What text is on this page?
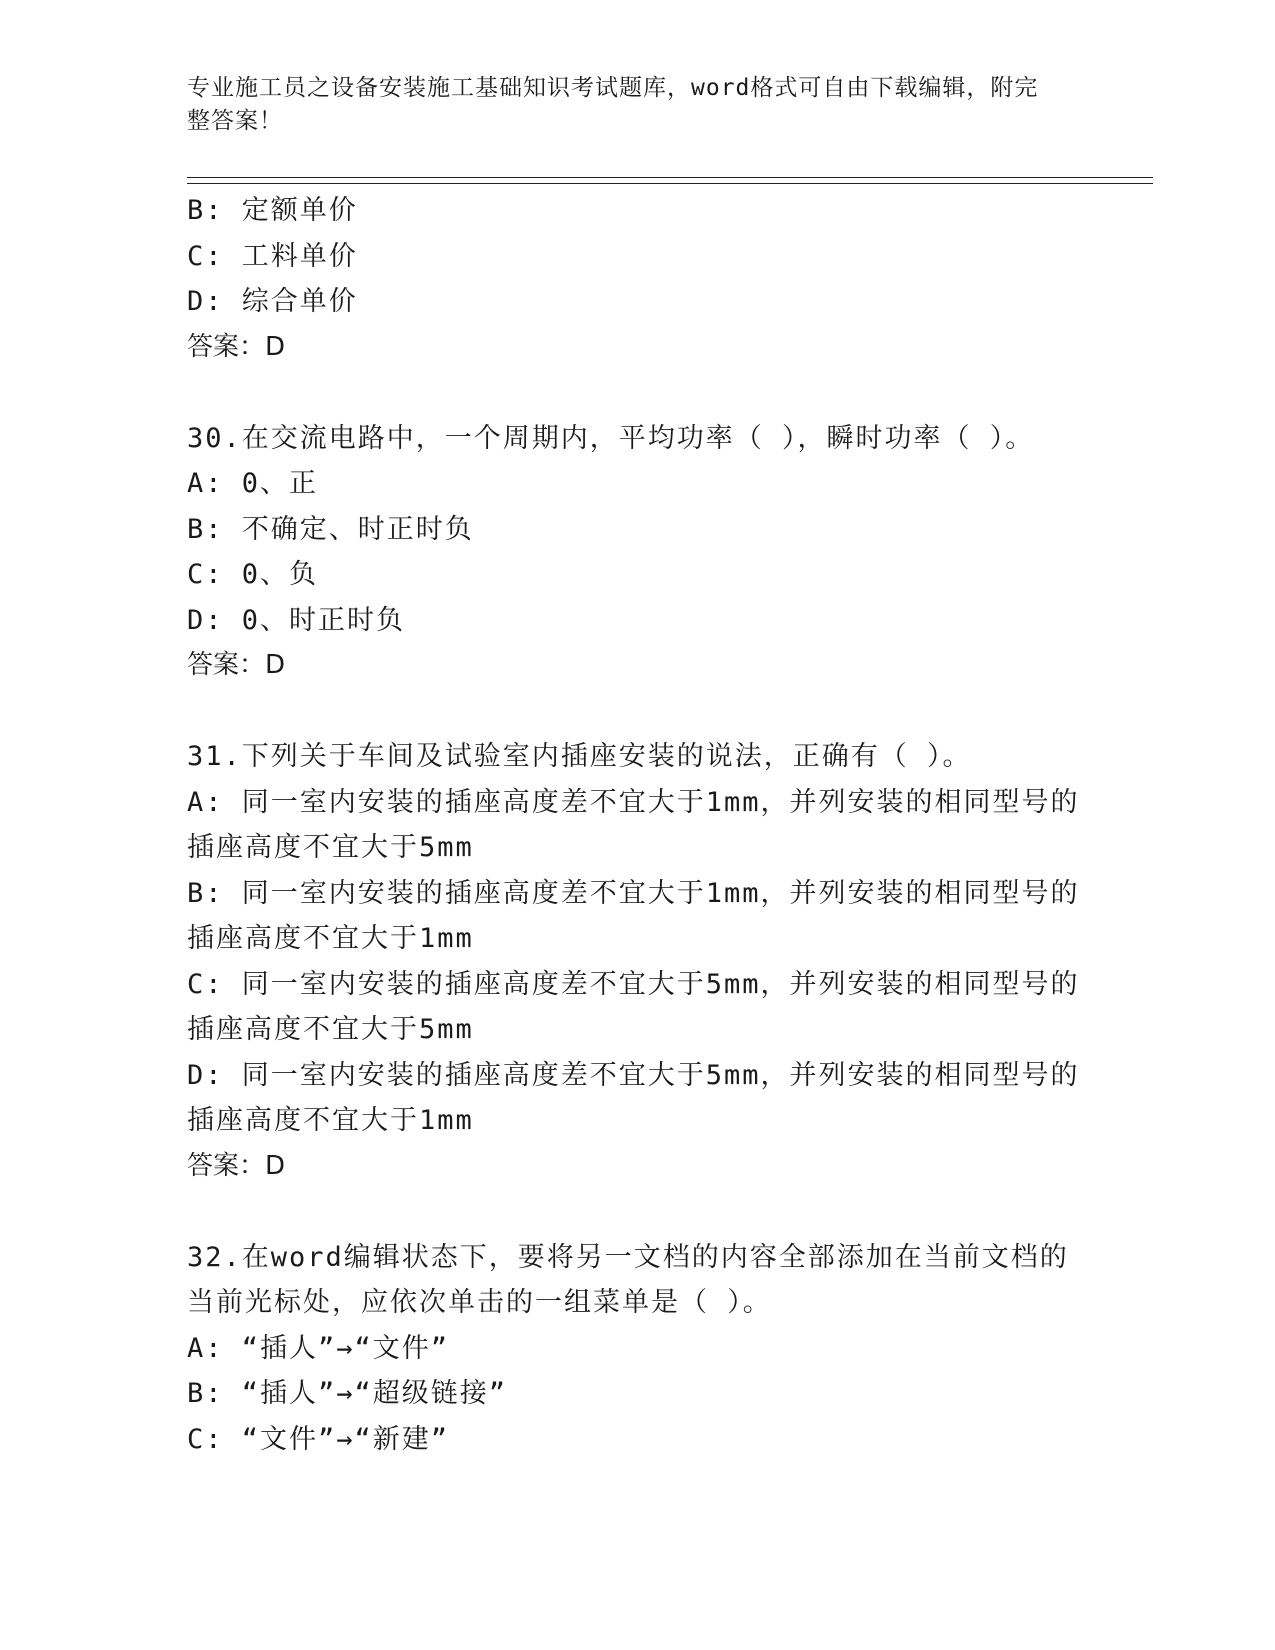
专业施工员之设备安装施工基础知识考试题库，word格式可自由下载编辑，附完
整答案！
B: 定额单价
C: 工料单价
D: 综合单价
答案：D
30.在交流电路中，一个周期内，平均功率（ ），瞬时功率（ ）。
A: 0、正
B: 不确定、时正时负
C: 0、负
D: 0、时正时负
答案：D
31.下列关于车间及试验室内插座安装的说法，正确有（ ）。
A: 同一室内安装的插座高度差不宜大于1mm，并列安装的相同型号的
插座高度不宜大于5mm
B: 同一室内安装的插座高度差不宜大于1mm，并列安装的相同型号的
插座高度不宜大于1mm
C: 同一室内安装的插座高度差不宜大于5mm，并列安装的相同型号的
插座高度不宜大于5mm
D: 同一室内安装的插座高度差不宜大于5mm，并列安装的相同型号的
插座高度不宜大于1mm
答案：D
32.在word编辑状态下，要将另一文档的内容全部添加在当前文档的
当前光标处，应依次单击的一组菜单是（ ）。
A: “插人”→“文件”
B: “插人”→“超级链接”
C: “文件”→“新建”
